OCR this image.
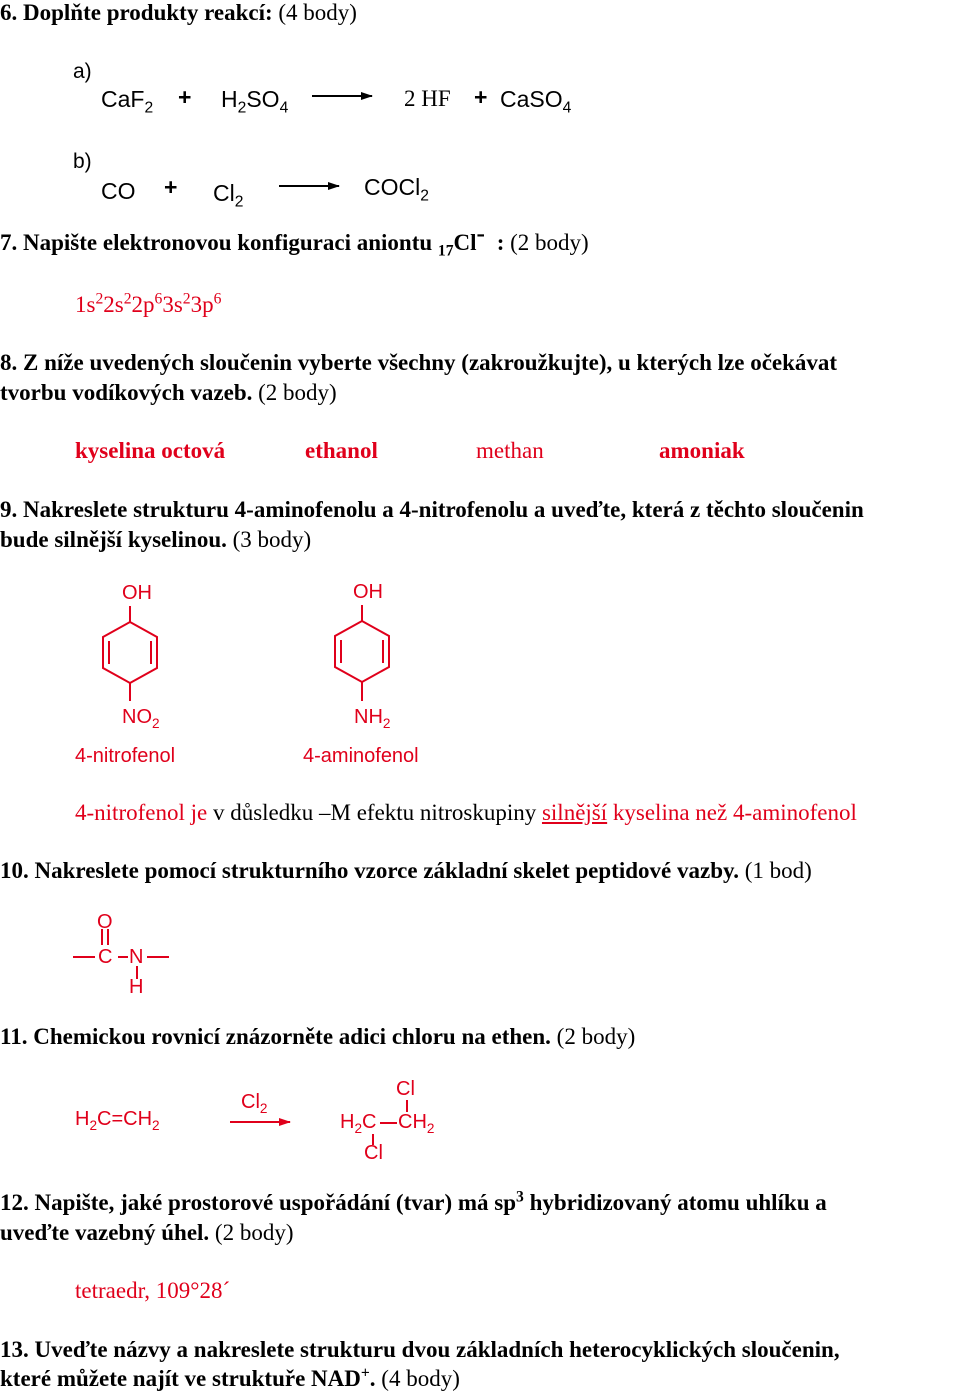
6. Doplňte produkty reakcí: (4 body)
a)
$CaF_2 + H_2SO_4$	2 HF + CaSO$_4$
b)
CO + $Cl_2$
COCl$_2$
7. Napište elektronovou konfiguraci aniontu $_{17}$Cl- : (2 body)
$1s^22s^22p^63s^23p^6$
8. Z níže uvedených sloučenin vyberte všechny (zakroužkujte), u kterých lze očekávat
tvorbu vodíkových vazeb. (2 body)
kyselina octová	ethanol	methan	amoniak
9. Nakreslete strukturu 4-aminofenolu a 4-nitrofenolu a uveďte, která z těchto sloučenin
bude silnější kyselinou. (3 body)
OH
$NO_2$
4-nitrofenol
OH
$NH_2$
4-aminofenol
4-nitrofenol je v důsledku –M efektu nitroskupiny silnější kyselina než 4-aminofenol
10. Nakreslete pomocí strukturního vzorce základní skelet peptidové vazby. (1 bod)
O
C N
H
11. Chemickou rovnicí znázorněte adici chloru na ethen. (2 body)
$H_2C=CH_2$
$Cl_2$
$H_2C$ $CH_2$
Cl
Cl
12. Napište, jaké prostorové uspořádání (tvar) má $sp^3$ hybridizovaný atomu uhlíku a
uveďte vazebný úhel. (2 body)
tetraedr, 109°28´
13. Uveďte názvy a nakreslete strukturu dvou základních heterocyklických sloučenin,
které můžete najít ve struktuře NAD+. (4 body)
